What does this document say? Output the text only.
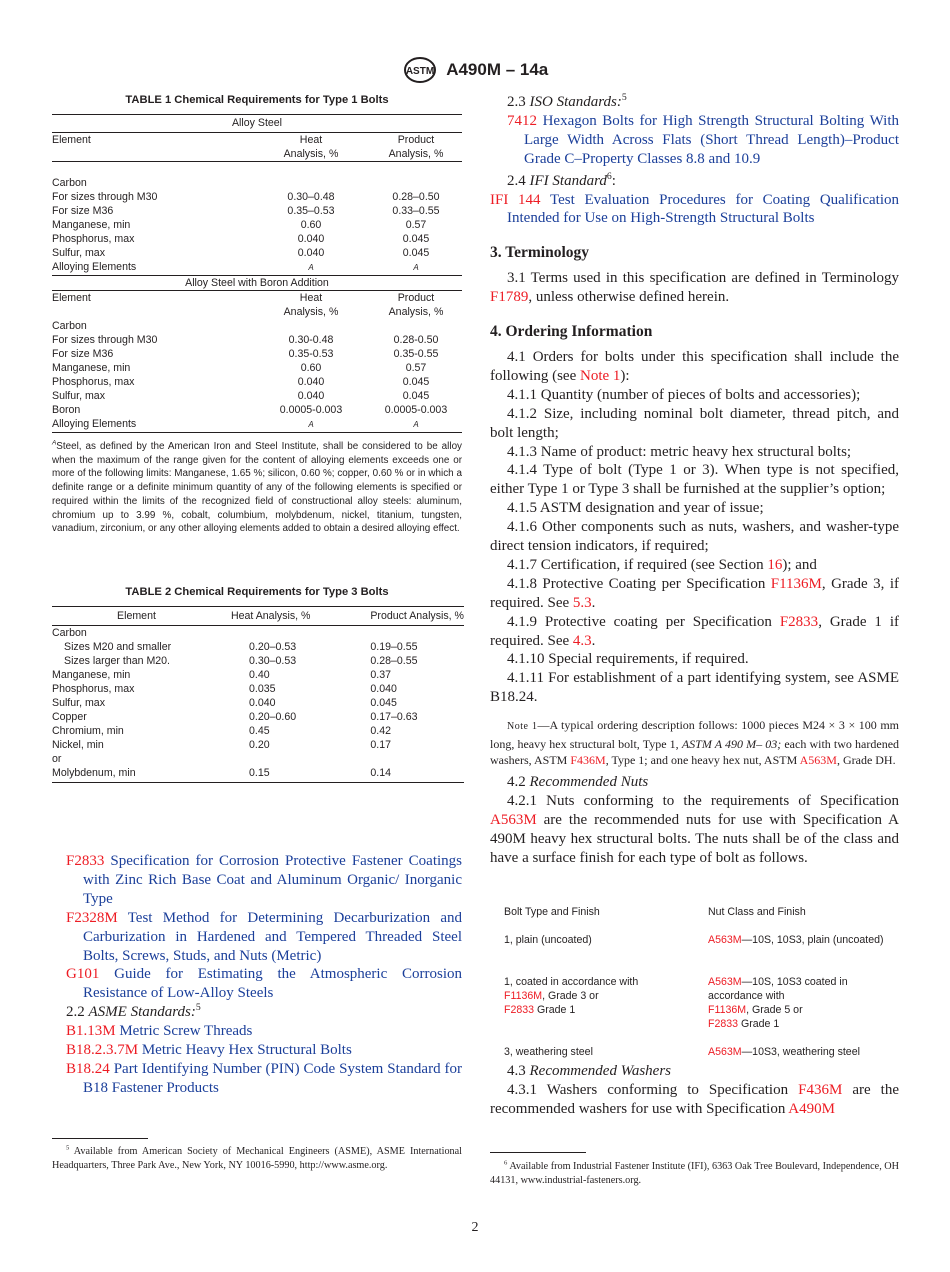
ASTM A490M – 14a
TABLE 1 Chemical Requirements for Type 1 Bolts
Alloy Steel		
Element	Heat	Product
	Analysis, %	Analysis, %

Carbon		
For sizes through M30	0.30–0.48	0.28–0.50
For size M36	0.35–0.53	0.33–0.55
Manganese, min	0.60	0.57
Phosphorus, max	0.040	0.045
Sulfur, max	0.040	0.045
Alloying Elements	A	A
Alloy Steel with Boron Addition		
Element	Heat	Product
	Analysis, %	Analysis, %
Carbon		
For sizes through M30	0.30-0.48	0.28-0.50
For size M36	0.35-0.53	0.35-0.55
Manganese, min	0.60	0.57
Phosphorus, max	0.040	0.045
Sulfur, max	0.040	0.045
Boron	0.0005-0.003	0.0005-0.003
Alloying Elements	A	A

$^A$Steel, as defined by the American Iron and Steel Institute, shall be considered to be alloy when the maximum of the range given for the content of alloying elements exceeds one or more of the following limits: Manganese, 1.65 %; silicon, 0.60 %; copper, 0.60 % or in which a definite range or a definite minimum quantity of any of the following elements is specified or required within the limits of the recognized field of constructional alloy steels: aluminum, chromium up to 3.99 %, cobalt, columbium, molybdenum, nickel, titanium, tungsten, vanadium, zirconium, or any other alloying elements added to obtain a desired alloying effect.

TABLE 2 Chemical Requirements for Type 3 Bolts
Element	Heat Analysis, %	Product Analysis, %
Carbon		
Sizes M20 and smaller	0.20–0.53	0.19–0.55
Sizes larger than M20.	0.30–0.53	0.28–0.55
Manganese, min	0.40	0.37
Phosphorus, max	0.035	0.040
Sulfur, max	0.040	0.045
Copper	0.20–0.60	0.17–0.63
Chromium, min	0.45	0.42
Nickel, min	0.20	0.17
or		
Molybdenum, min	0.15	0.14

F2833 Specification for Corrosion Protective Fastener Coatings with Zinc Rich Base Coat and Aluminum Organic/ Inorganic Type

F2328M Test Method for Determining Decarburization and Carburization in Hardened and Tempered Threaded Steel Bolts, Screws, Studs, and Nuts (Metric)

G101 Guide for Estimating the Atmospheric Corrosion Resistance of Low-Alloy Steels

2.2 ASME Standards:$^5$

B1.13M Metric Screw Threads

B18.2.3.7M Metric Heavy Hex Structural Bolts

B18.24 Part Identifying Number (PIN) Code System Standard for B18 Fastener Products

$^5$ Available from American Society of Mechanical Engineers (ASME), ASME International Headquarters, Three Park Ave., New York, NY 10016-5990, http://www.asme.org.

2.3 ISO Standards:$^5$

7412 Hexagon Bolts for High Strength Structural Bolting With Large Width Across Flats (Short Thread Length)–Product Grade C–Property Classes 8.8 and 10.9

2.4 IFI Standard$^6$:

IFI 144 Test Evaluation Procedures for Coating Qualification Intended for Use on High-Strength Structural Bolts

3. Terminology

3.1 Terms used in this specification are defined in Terminology F1789, unless otherwise defined herein.

4. Ordering Information

4.1 Orders for bolts under this specification shall include the following (see Note 1):

4.1.1 Quantity (number of pieces of bolts and accessories);

4.1.2 Size, including nominal bolt diameter, thread pitch, and bolt length;

4.1.3 Name of product: metric heavy hex structural bolts;

4.1.4 Type of bolt (Type 1 or 3). When type is not specified, either Type 1 or Type 3 shall be furnished at the supplier’s option;

4.1.5 ASTM designation and year of issue;

4.1.6 Other components such as nuts, washers, and washer-type direct tension indicators, if required;

4.1.7 Certification, if required (see Section 16); and

4.1.8 Protective Coating per Specification F1136M, Grade 3, if required. See 5.3.

4.1.9 Protective coating per Specification F2833, Grade 1 if required. See 4.3.

4.1.10 Special requirements, if required.

4.1.11 For establishment of a part identifying system, see ASME B18.24.

Note 1—A typical ordering description follows: 1000 pieces M24 × 3 × 100 mm long, heavy hex structural bolt, Type 1, ASTM A 490 M– 03; each with two hardened washers, ASTM F436M, Type 1; and one heavy hex nut, ASTM A563M, Grade DH.

4.2 Recommended Nuts

4.2.1 Nuts conforming to the requirements of Specification A563M are the recommended nuts for use with Specification A 490M heavy hex structural bolts. The nuts shall be of the class and have a surface finish for each type of bolt as follows.

Bolt Type and Finish	Nut Class and Finish
1, plain (uncoated)	A563M—10S, 10S3, plain (uncoated)
1, coated in accordance with
F1136M, Grade 3 or
F2833 Grade 1	A563M—10S, 10S3 coated in accordance with
F1136M, Grade 5 or
F2833 Grade 1
3, weathering steel	A563M—10S3, weathering steel

4.3 Recommended Washers

4.3.1 Washers conforming to Specification F436M are the recommended washers for use with Specification A490M

$^6$ Available from Industrial Fastener Institute (IFI), 6363 Oak Tree Boulevard, Independence, OH 44131, www.industrial-fasteners.org.
2
